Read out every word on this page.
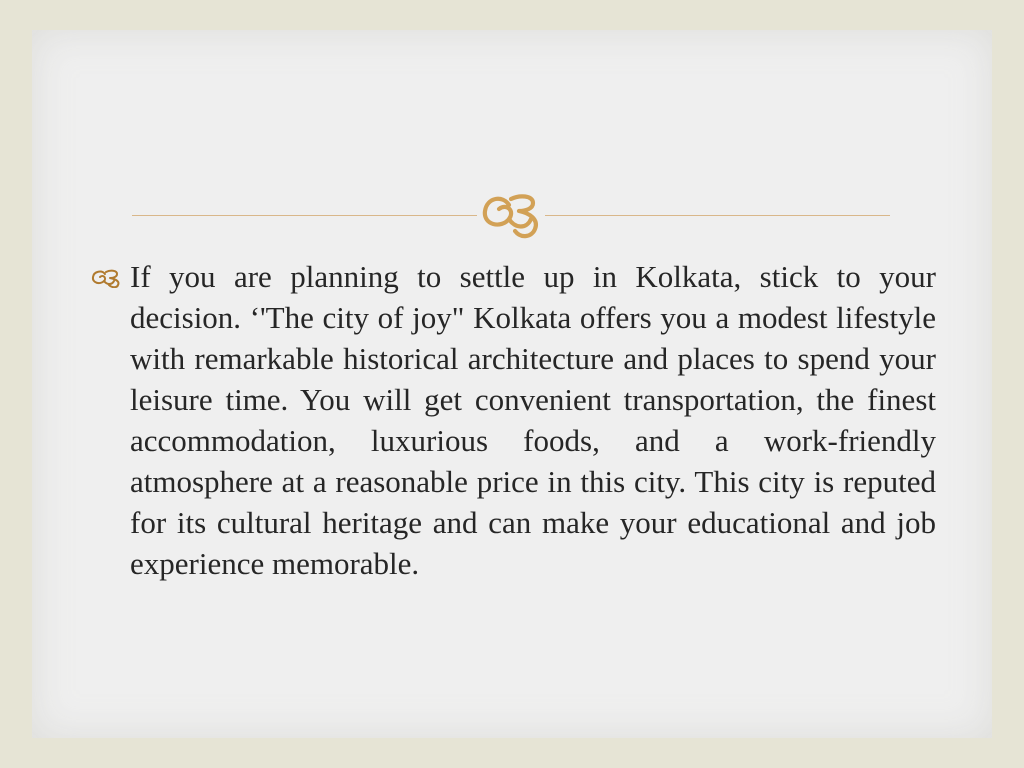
If you are planning to settle up in Kolkata, stick to your decision. ‘'The city of joy" Kolkata offers you a modest lifestyle with remarkable historical architecture and places to spend your leisure time. You will get convenient transportation, the finest accommodation, luxurious foods, and a work-friendly atmosphere at a reasonable price in this city. This city is reputed for its cultural heritage and can make your educational and job experience memorable.
